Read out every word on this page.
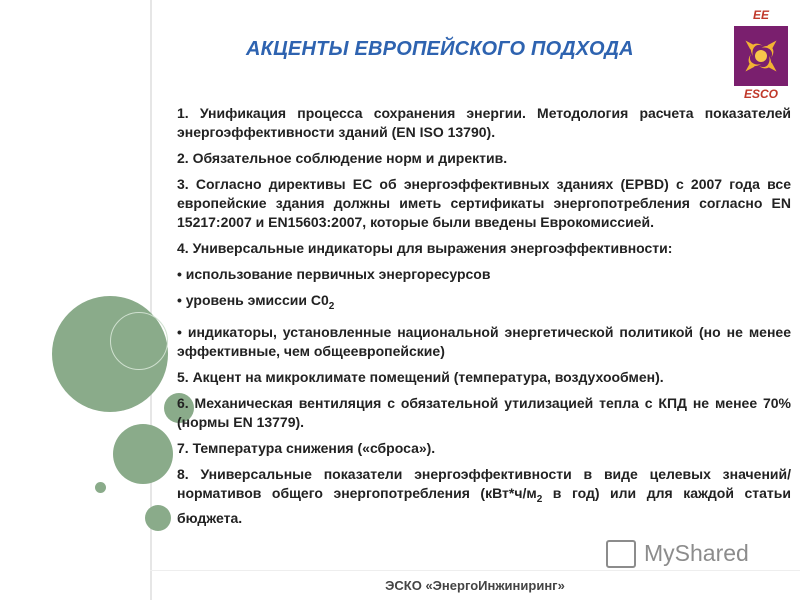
АКЦЕНТЫ ЕВРОПЕЙСКОГО ПОДХОДА
EE
ESCO

1. Унификация процесса сохранения энергии. Методология расчета показателей энергоэффективности зданий (EN ISO 13790).

2. Обязательное соблюдение норм и директив.

3. Согласно директивы ЕС об энергоэффективных зданиях (EPBD) с 2007 года все европейские здания должны иметь сертификаты энергопотребления согласно EN 15217:2007 и EN15603:2007, которые были введены Еврокомиссией.

4. Универсальные индикаторы для выражения энергоэффективности:

• использование первичных энергоресурсов

• уровень эмиссии $С0_2$

• индикаторы, установленные национальной энергетической политикой (но не менее эффективные, чем общеевропейские)

5. Акцент на микроклимате помещений (температура, воздухообмен).

6. Механическая вентиляция с обязательной утилизацией тепла с КПД не менее 70% (нормы EN 13779).

7. Температура снижения («сброса»).

8. Универсальные показатели энергоэффективности в виде целевых значений/нормативов общего энергопотребления ($кВт*ч/м_2$ в год) или для каждой статьи бюджета.

MyShared
ЭСКО «ЭнергоИнжиниринг»
